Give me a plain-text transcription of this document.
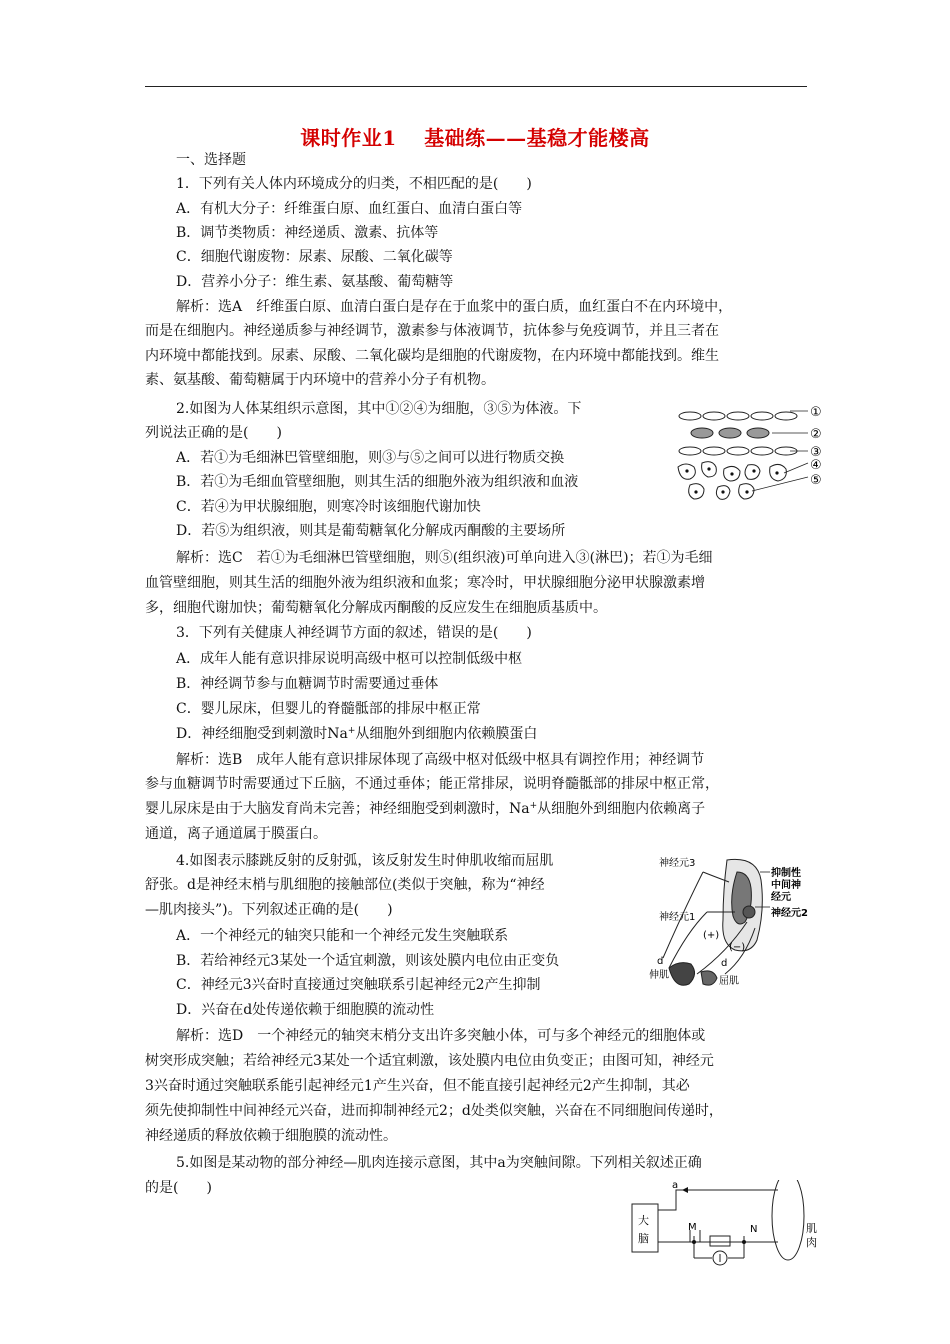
课时作业1 基础练——基稳才能楼高
一、选择题
1．下列有关人体内环境成分的归类，不相匹配的是(　　)
A．有机大分子：纤维蛋白原、血红蛋白、血清白蛋白等
B．调节类物质：神经递质、激素、抗体等
C．细胞代谢废物：尿素、尿酸、二氧化碳等
D．营养小分子：维生素、氨基酸、葡萄糖等
解析：选A　纤维蛋白原、血清白蛋白是存在于血浆中的蛋白质，血红蛋白不在内环境中，
而是在细胞内。神经递质参与神经调节，激素参与体液调节，抗体参与免疫调节，并且三者在
内环境中都能找到。尿素、尿酸、二氧化碳均是细胞的代谢废物，在内环境中都能找到。维生
素、氨基酸、葡萄糖属于内环境中的营养小分子有机物。
2.如图为人体某组织示意图，其中①②④为细胞，③⑤为体液。下
列说法正确的是(　　)
A．若①为毛细淋巴管壁细胞，则③与⑤之间可以进行物质交换
B．若①为毛细血管壁细胞，则其生活的细胞外液为组织液和血液
C．若④为甲状腺细胞，则寒冷时该细胞代谢加快
D．若⑤为组织液，则其是葡萄糖氧化分解成丙酮酸的主要场所
解析：选C　若①为毛细淋巴管壁细胞，则⑤(组织液)可单向进入③(淋巴)；若①为毛细
血管壁细胞，则其生活的细胞外液为组织液和血浆；寒冷时，甲状腺细胞分泌甲状腺激素增
多，细胞代谢加快；葡萄糖氧化分解成丙酮酸的反应发生在细胞质基质中。
①
②
③
④
⑤
3．下列有关健康人神经调节方面的叙述，错误的是(　　)
A．成年人能有意识排尿说明高级中枢可以控制低级中枢
B．神经调节参与血糖调节时需要通过垂体
C．婴儿尿床，但婴儿的脊髓骶部的排尿中枢正常
D．神经细胞受到刺激时Na+从细胞外到细胞内依赖膜蛋白
解析：选B　成年人能有意识排尿体现了高级中枢对低级中枢具有调控作用；神经调节
参与血糖调节时需要通过下丘脑，不通过垂体；能正常排尿，说明脊髓骶部的排尿中枢正常，
婴儿尿床是由于大脑发育尚未完善；神经细胞受到刺激时，Na+从细胞外到细胞内依赖离子
通道，离子通道属于膜蛋白。
4.如图表示膝跳反射的反射弧，该反射发生时伸肌收缩而屈肌
舒张。d是神经末梢与肌细胞的接触部位(类似于突触，称为“神经
—肌肉接头”)。下列叙述正确的是(　　)
A．一个神经元的轴突只能和一个神经元发生突触联系
B．若给神经元3某处一个适宜刺激，则该处膜内电位由正变负
C．神经元3兴奋时直接通过突触联系引起神经元2产生抑制
D．兴奋在d处传递依赖于细胞膜的流动性
解析：选D　一个神经元的轴突末梢分支出许多突触小体，可与多个神经元的细胞体或
树突形成突触；若给神经元3某处一个适宜刺激，该处膜内电位由负变正；由图可知，神经元
3兴奋时通过突触联系能引起神经元1产生兴奋，但不能直接引起神经元2产生抑制，其必
须先使抑制性中间神经元兴奋，进而抑制神经元2；d处类似突触，兴奋在不同细胞间传递时，
神经递质的释放依赖于细胞膜的流动性。
神经元3
抑制性
中间神
经元
神经元2
神经元1
(+)
(−)
d	d
伸肌
屈肌
5.如图是某动物的部分神经—肌肉连接示意图，其中a为突触间隙。下列相关叙述正确
的是(　　)	a
大
脑
M	N	肌
肉
